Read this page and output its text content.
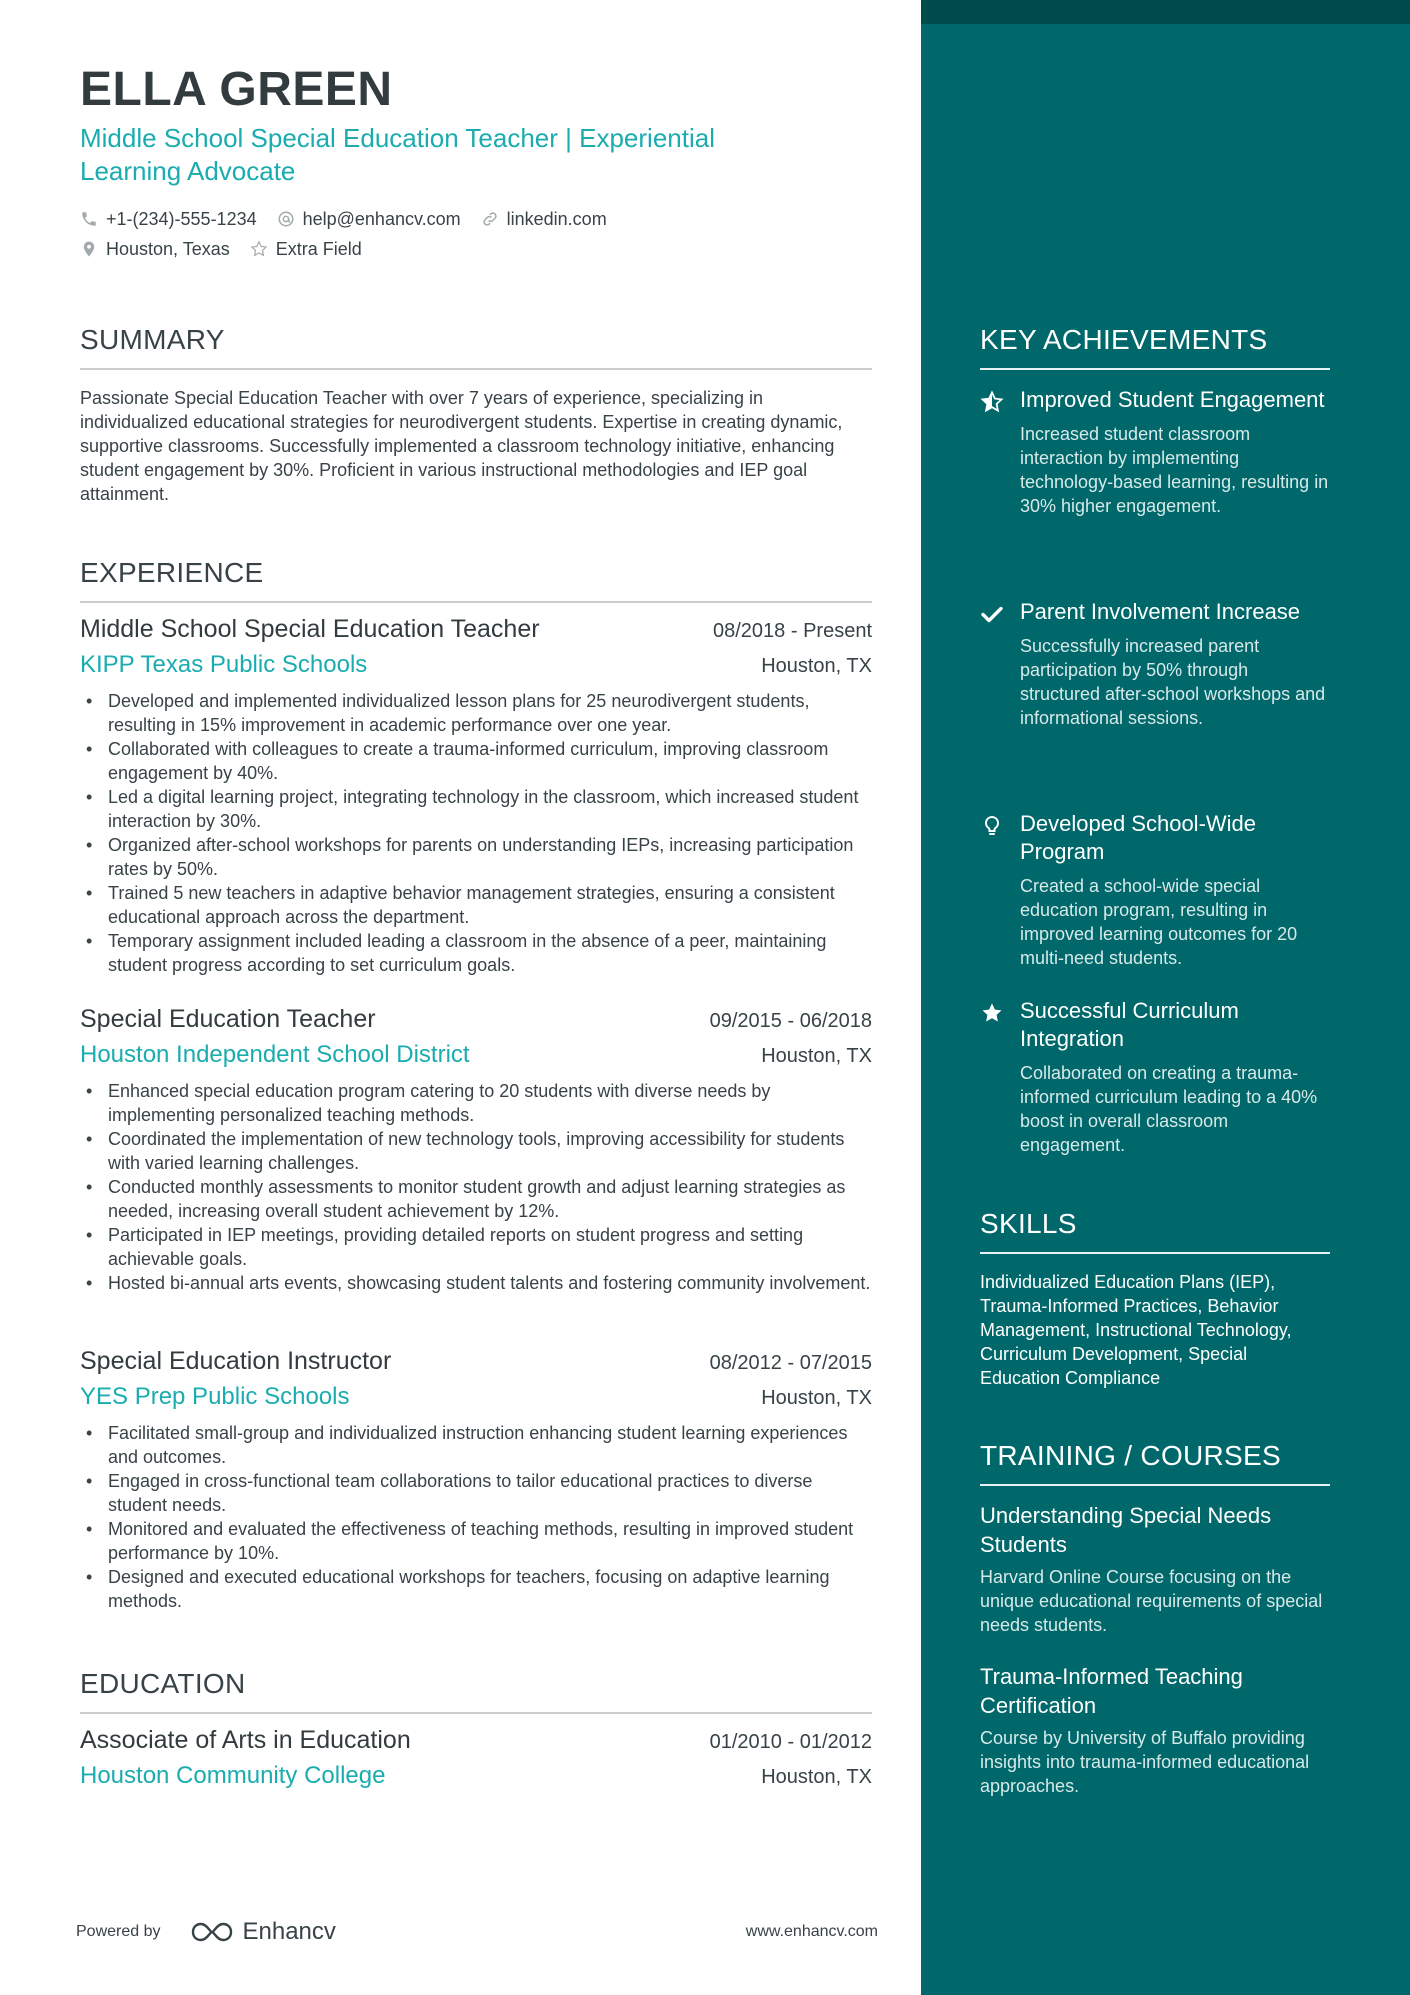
ELLA GREEN
Middle School Special Education Teacher | Experiential Learning Advocate
+1-(234)-555-1234	help@enhancv.com	linkedin.com
Houston, Texas	Extra Field
SUMMARY
Passionate Special Education Teacher with over 7 years of experience, specializing in individualized educational strategies for neurodivergent students. Expertise in creating dynamic, supportive classrooms. Successfully implemented a classroom technology initiative, enhancing student engagement by 30%. Proficient in various instructional methodologies and IEP goal attainment.
EXPERIENCE
Middle School Special Education Teacher	08/2018 - Present
KIPP Texas Public Schools	Houston, TX
• Developed and implemented individualized lesson plans for 25 neurodivergent students, resulting in 15% improvement in academic performance over one year.
• Collaborated with colleagues to create a trauma-informed curriculum, improving classroom engagement by 40%.
• Led a digital learning project, integrating technology in the classroom, which increased student interaction by 30%.
• Organized after-school workshops for parents on understanding IEPs, increasing participation rates by 50%.
• Trained 5 new teachers in adaptive behavior management strategies, ensuring a consistent educational approach across the department.
• Temporary assignment included leading a classroom in the absence of a peer, maintaining student progress according to set curriculum goals.
Special Education Teacher	09/2015 - 06/2018
Houston Independent School District	Houston, TX
• Enhanced special education program catering to 20 students with diverse needs by implementing personalized teaching methods.
• Coordinated the implementation of new technology tools, improving accessibility for students with varied learning challenges.
• Conducted monthly assessments to monitor student growth and adjust learning strategies as needed, increasing overall student achievement by 12%.
• Participated in IEP meetings, providing detailed reports on student progress and setting achievable goals.
• Hosted bi-annual arts events, showcasing student talents and fostering community involvement.
Special Education Instructor	08/2012 - 07/2015
YES Prep Public Schools	Houston, TX
• Facilitated small-group and individualized instruction enhancing student learning experiences and outcomes.
• Engaged in cross-functional team collaborations to tailor educational practices to diverse student needs.
• Monitored and evaluated the effectiveness of teaching methods, resulting in improved student performance by 10%.
• Designed and executed educational workshops for teachers, focusing on adaptive learning methods.
EDUCATION
Associate of Arts in Education	01/2010 - 01/2012
Houston Community College	Houston, TX
Powered by	Enhancv	www.enhancv.com
KEY ACHIEVEMENTS
Improved Student Engagement
Increased student classroom interaction by implementing technology-based learning, resulting in 30% higher engagement.
Parent Involvement Increase
Successfully increased parent participation by 50% through structured after-school workshops and informational sessions.
Developed School-Wide Program
Created a school-wide special education program, resulting in improved learning outcomes for 20 multi-need students.
Successful Curriculum Integration
Collaborated on creating a trauma-informed curriculum leading to a 40% boost in overall classroom engagement.
SKILLS
Individualized Education Plans (IEP), Trauma-Informed Practices, Behavior Management, Instructional Technology, Curriculum Development, Special Education Compliance
TRAINING / COURSES
Understanding Special Needs Students
Harvard Online Course focusing on the unique educational requirements of special needs students.
Trauma-Informed Teaching Certification
Course by University of Buffalo providing insights into trauma-informed educational approaches.
